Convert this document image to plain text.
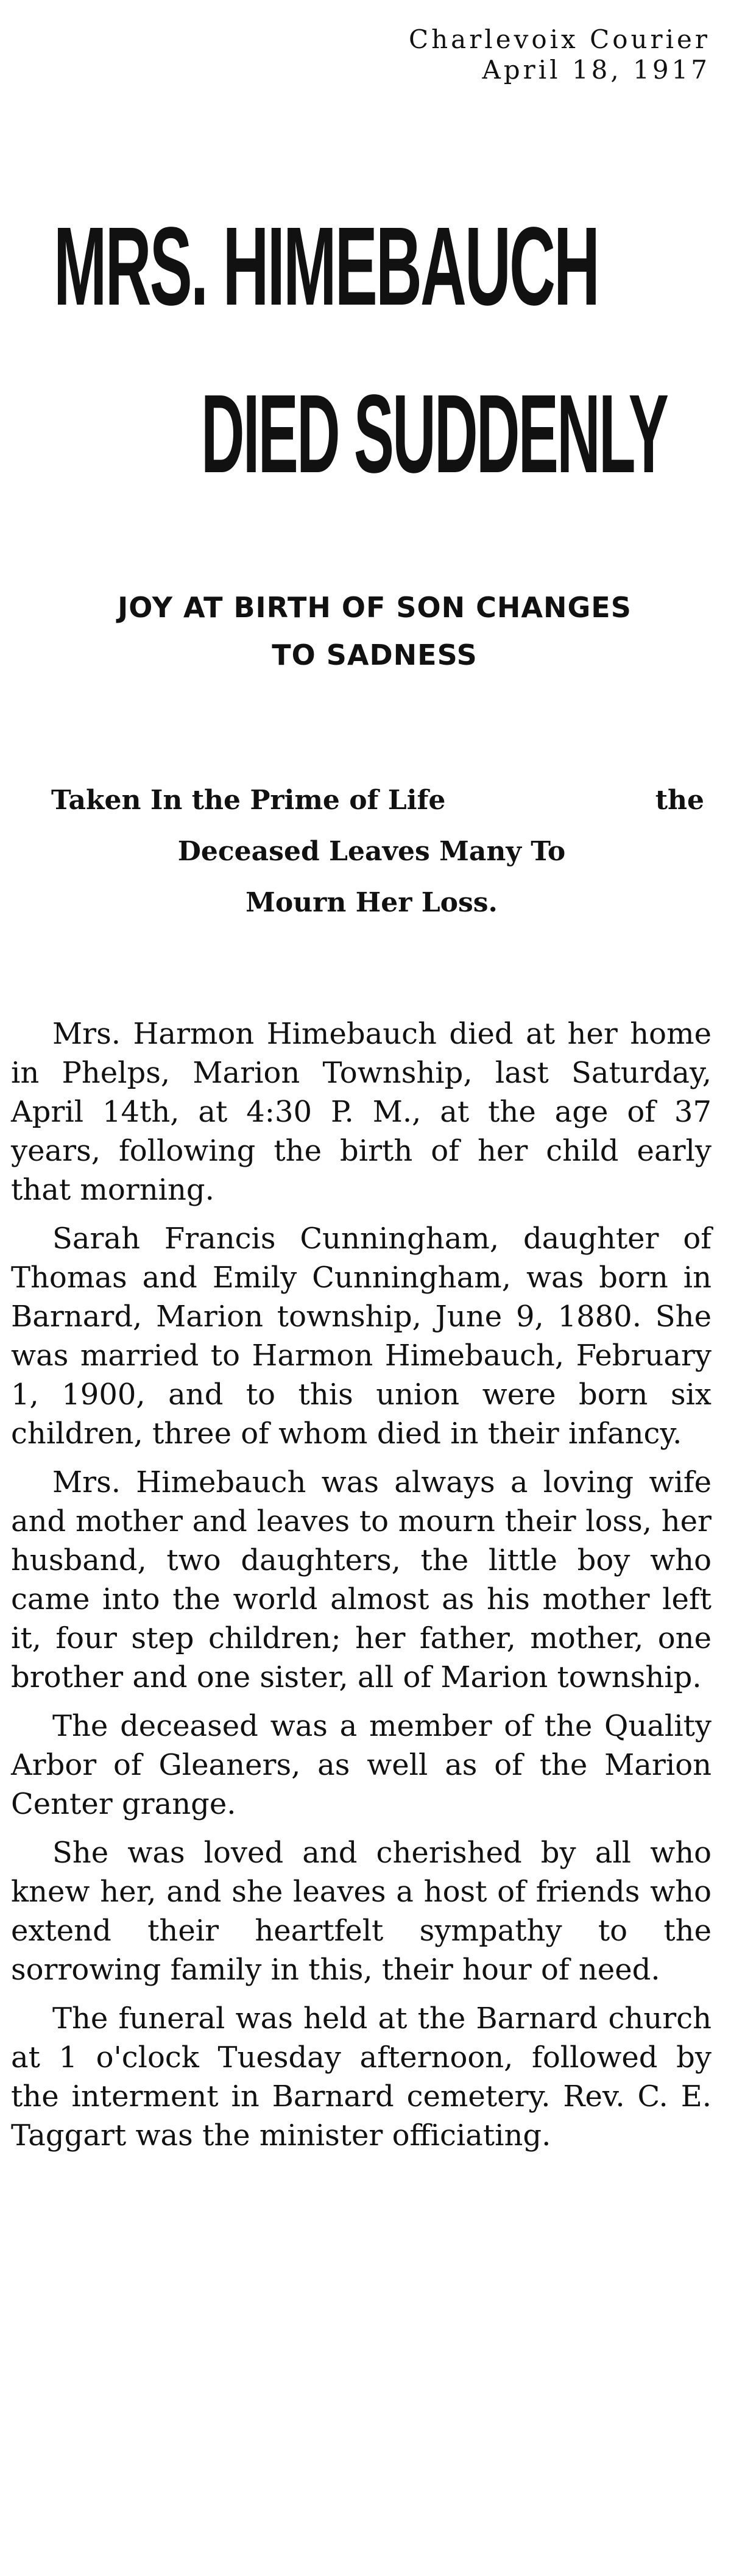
Charlevoix Courier
April 18, 1917
MRS. HIMEBAUCH
DIED SUDDENLY
JOY AT BIRTH OF SON CHANGES
TO SADNESS
Taken In the Prime of Life	the
Deceased Leaves Many To
Mourn Her Loss.

Mrs. Harmon Himebauch died at her home in Phelps, Marion Township, last Saturday, April 14th, at 4:30 P. M., at the age of 37 years, following the birth of her child early that morning.

Sarah Francis Cunningham, daughter of Thomas and Emily Cunningham, was born in Barnard, Marion township, June 9, 1880. She was married to Harmon Himebauch, February 1, 1900, and to this union were born six children, three of whom died in their infancy.

Mrs. Himebauch was always a loving wife and mother and leaves to mourn their loss, her husband, two daughters, the little boy who came into the world almost as his mother left it, four step children; her father, mother, one brother and one sister, all of Marion township.

The deceased was a member of the Quality Arbor of Gleaners, as well as of the Marion Center grange.

She was loved and cherished by all who knew her, and she leaves a host of friends who extend their heartfelt sympathy to the sorrowing family in this, their hour of need.

The funeral was held at the Barnard church at 1 o'clock Tuesday afternoon, followed by the interment in Barnard cemetery. Rev. C. E. Taggart was the minister officiating.
